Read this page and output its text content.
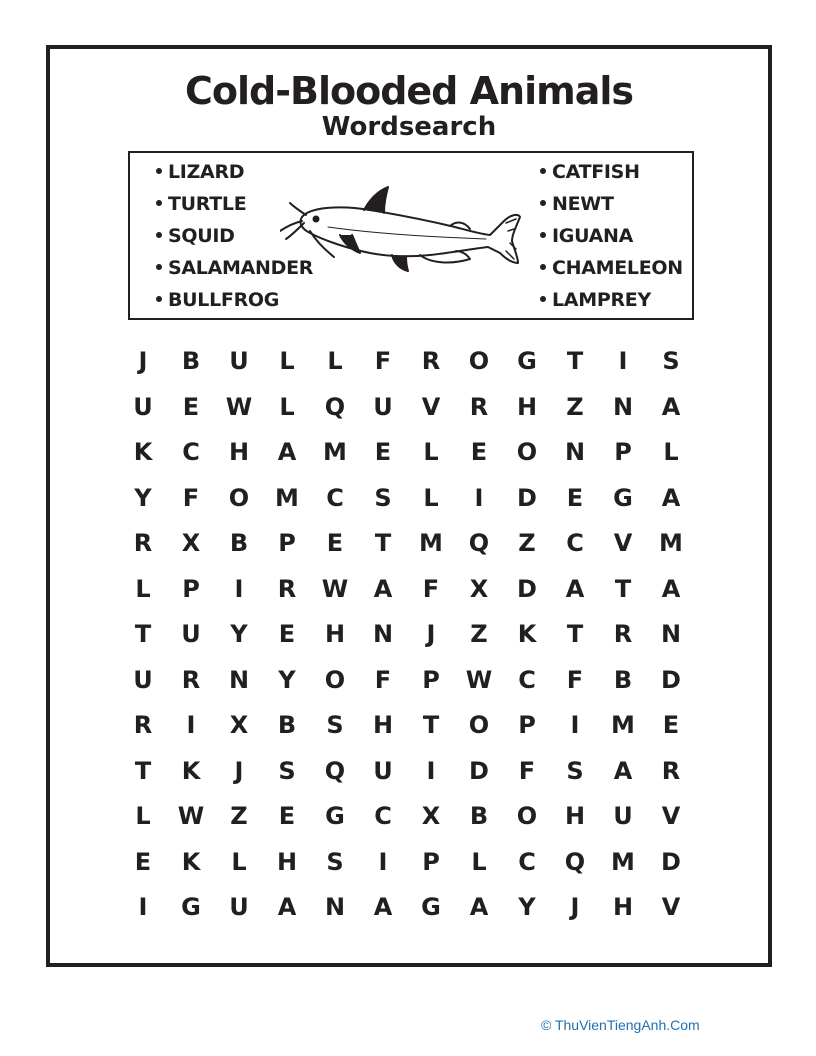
Cold-Blooded Animals
Wordsearch
LIZARD
TURTLE
SQUID
SALAMANDER
BULLFROG
CATFISH
NEWT
IGUANA
CHAMELEON
LAMPREY
J	B	U	L	L	F	R	O	G	T	I	S
U	E	W	L	Q	U	V	R	H	Z	N	A
K	C	H	A	M	E	L	E	O	N	P	L
Y	F	O	M	C	S	L	I	D	E	G	A
R	X	B	P	E	T	M	Q	Z	C	V	M
L	P	I	R	W	A	F	X	D	A	T	A
T	U	Y	E	H	N	J	Z	K	T	R	N
U	R	N	Y	O	F	P	W	C	F	B	D
R	I	X	B	S	H	T	O	P	I	M	E
T	K	J	S	Q	U	I	D	F	S	A	R
L	W	Z	E	G	C	X	B	O	H	U	V
E	K	L	H	S	I	P	L	C	Q	M	D
I	G	U	A	N	A	G	A	Y	J	H	V
© ThuVienTiengAnh.Com
